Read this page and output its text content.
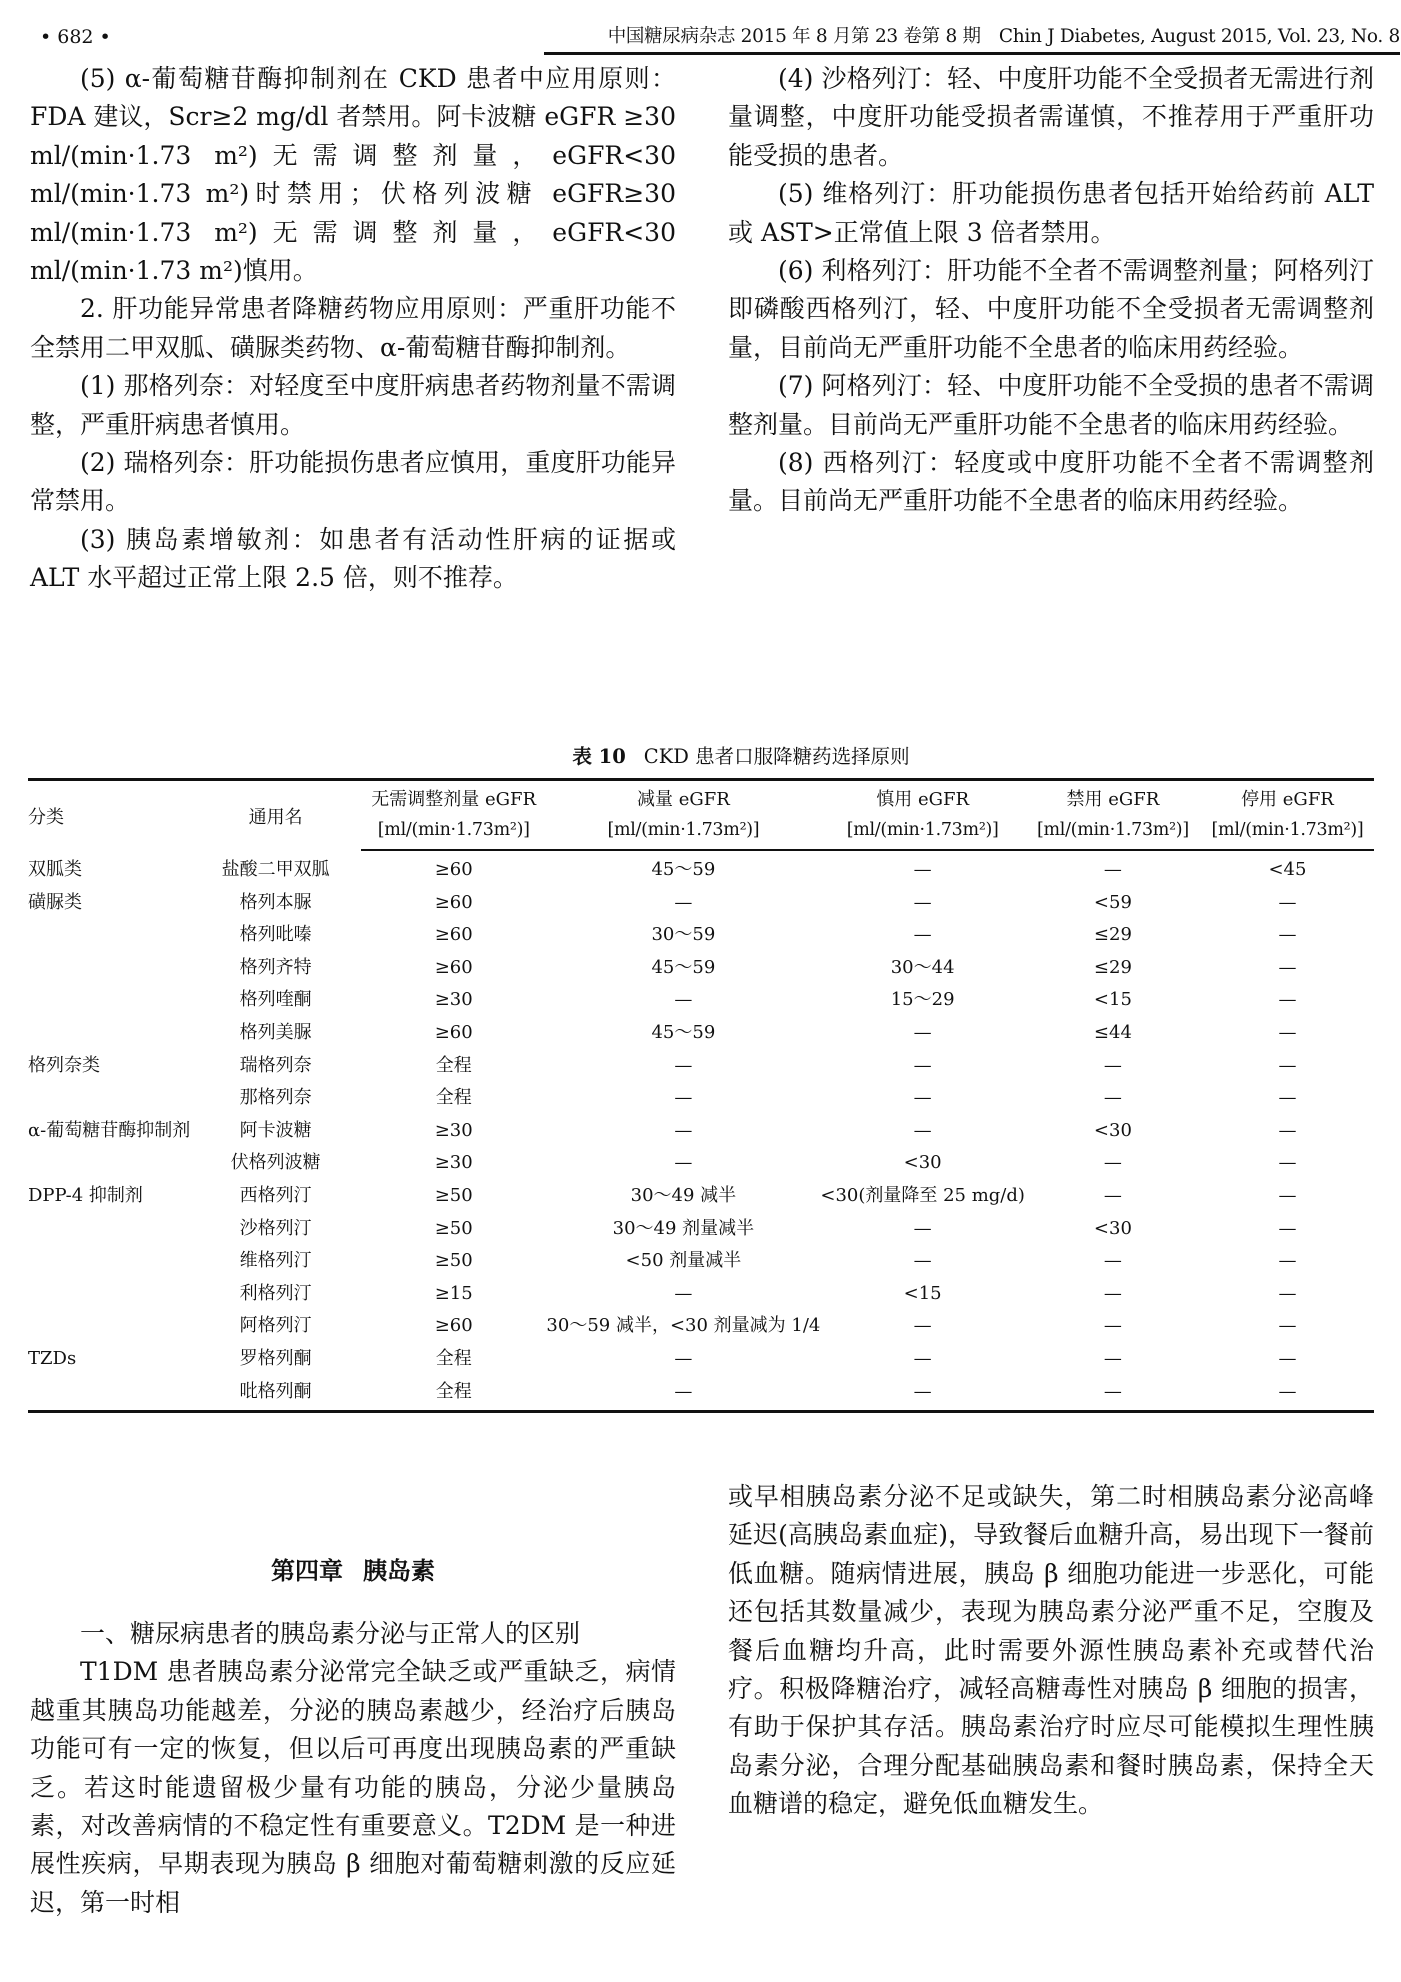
• 682 •	中国糖尿病杂志 2015 年 8 月第 23 卷第 8 期　Chin J Diabetes, August 2015, Vol. 23, No. 8

(5) α-葡萄糖苷酶抑制剂在 CKD 患者中应用原则：FDA 建议，Scr≥2 mg/dl 者禁用。阿卡波糖 eGFR ≥30 ml/(min·1.73 m²)无需调整剂量，eGFR<30 ml/(min·1.73 m²)时禁用；伏格列波糖 eGFR≥30 ml/(min·1.73 m²)无需调整剂量，eGFR<30 ml/(min·1.73 m²)慎用。

2. 肝功能异常患者降糖药物应用原则：严重肝功能不全禁用二甲双胍、磺脲类药物、α-葡萄糖苷酶抑制剂。

(1) 那格列奈：对轻度至中度肝病患者药物剂量不需调整，严重肝病患者慎用。

(2) 瑞格列奈：肝功能损伤患者应慎用，重度肝功能异常禁用。

(3) 胰岛素增敏剂：如患者有活动性肝病的证据或 ALT 水平超过正常上限 2.5 倍，则不推荐。

(4) 沙格列汀：轻、中度肝功能不全受损者无需进行剂量调整，中度肝功能受损者需谨慎，不推荐用于严重肝功能受损的患者。

(5) 维格列汀：肝功能损伤患者包括开始给药前 ALT 或 AST>正常值上限 3 倍者禁用。

(6) 利格列汀：肝功能不全者不需调整剂量；阿格列汀即磷酸西格列汀，轻、中度肝功能不全受损者无需调整剂量，目前尚无严重肝功能不全患者的临床用药经验。

(7) 阿格列汀：轻、中度肝功能不全受损的患者不需调整剂量。目前尚无严重肝功能不全患者的临床用药经验。

(8) 西格列汀：轻度或中度肝功能不全者不需调整剂量。目前尚无严重肝功能不全患者的临床用药经验。

表 10 CKD 患者口服降糖药选择原则
分类	通用名	无需调整剂量 eGFR	减量 eGFR	慎用 eGFR	禁用 eGFR	停用 eGFR
		[ml/(min·1.73m²)]	[ml/(min·1.73m²)]	[ml/(min·1.73m²)]	[ml/(min·1.73m²)]	[ml/(min·1.73m²)]
双胍类	盐酸二甲双胍	≥60	45～59	—	—	<45
磺脲类	格列本脲	≥60	—	—	<59	—
	格列吡嗪	≥60	30～59	—	≤29	—
	格列齐特	≥60	45～59	30～44	≤29	—
	格列喹酮	≥30	—	15～29	<15	—
	格列美脲	≥60	45～59	—	≤44	—
格列奈类	瑞格列奈	全程	—	—	—	—
	那格列奈	全程	—	—	—	—
α-葡萄糖苷酶抑制剂	阿卡波糖	≥30	—	—	<30	—
	伏格列波糖	≥30	—	<30	—	—
DPP-4 抑制剂	西格列汀	≥50	30～49 减半	<30(剂量降至 25 mg/d)	—	—
	沙格列汀	≥50	30～49 剂量减半	—	<30	—
	维格列汀	≥50	<50 剂量减半	—	—	—
	利格列汀	≥15	—	<15	—	—
	阿格列汀	≥60	30～59 减半，<30 剂量减为 1/4	—	—	—
TZDs	罗格列酮	全程	—	—	—	—
	吡格列酮	全程	—	—	—	—
第四章 胰岛素

一、糖尿病患者的胰岛素分泌与正常人的区别

T1DM 患者胰岛素分泌常完全缺乏或严重缺乏，病情越重其胰岛功能越差，分泌的胰岛素越少，经治疗后胰岛功能可有一定的恢复，但以后可再度出现胰岛素的严重缺乏。若这时能遗留极少量有功能的胰岛，分泌少量胰岛素，对改善病情的不稳定性有重要意义。T2DM 是一种进展性疾病，早期表现为胰岛 β 细胞对葡萄糖刺激的反应延迟，第一时相

或早相胰岛素分泌不足或缺失，第二时相胰岛素分泌高峰延迟(高胰岛素血症)，导致餐后血糖升高，易出现下一餐前低血糖。随病情进展，胰岛 β 细胞功能进一步恶化，可能还包括其数量减少，表现为胰岛素分泌严重不足，空腹及餐后血糖均升高，此时需要外源性胰岛素补充或替代治疗。积极降糖治疗，减轻高糖毒性对胰岛 β 细胞的损害，有助于保护其存活。胰岛素治疗时应尽可能模拟生理性胰岛素分泌，合理分配基础胰岛素和餐时胰岛素，保持全天血糖谱的稳定，避免低血糖发生。
